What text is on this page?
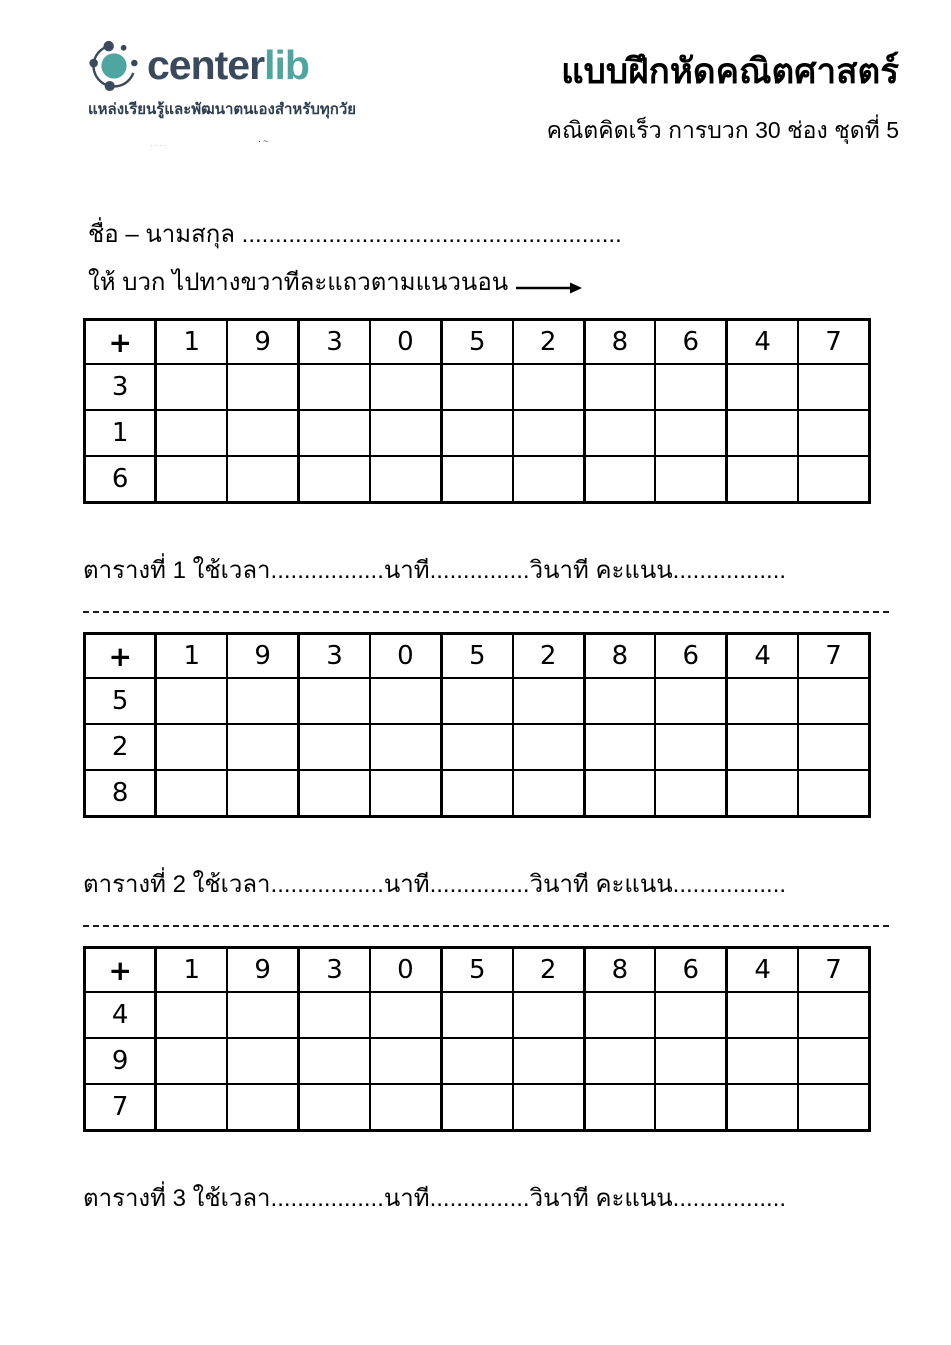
centerlib
แหล่งเรียนรู้และพัฒนาตนเองสำหรับทุกวัย
....	·~
แบบฝึกหัดคณิตศาสตร์
คณิตคิดเร็ว การบวก 30 ช่อง ชุดที่ 5
ชื่อ – นามสกุล .........................................................
ให้ บวก ไปทางขวาทีละแถวตามแนวนอน
+	1	9	3	0	5	2	8	6	4	7
3										
1										
6										
ตารางที่ 1 ใช้เวลา.................นาที...............วินาที คะแนน.................
+	1	9	3	0	5	2	8	6	4	7
5										
2										
8										
ตารางที่ 2 ใช้เวลา.................นาที...............วินาที คะแนน.................
+	1	9	3	0	5	2	8	6	4	7
4										
9										
7										
ตารางที่ 3 ใช้เวลา.................นาที...............วินาที คะแนน.................
